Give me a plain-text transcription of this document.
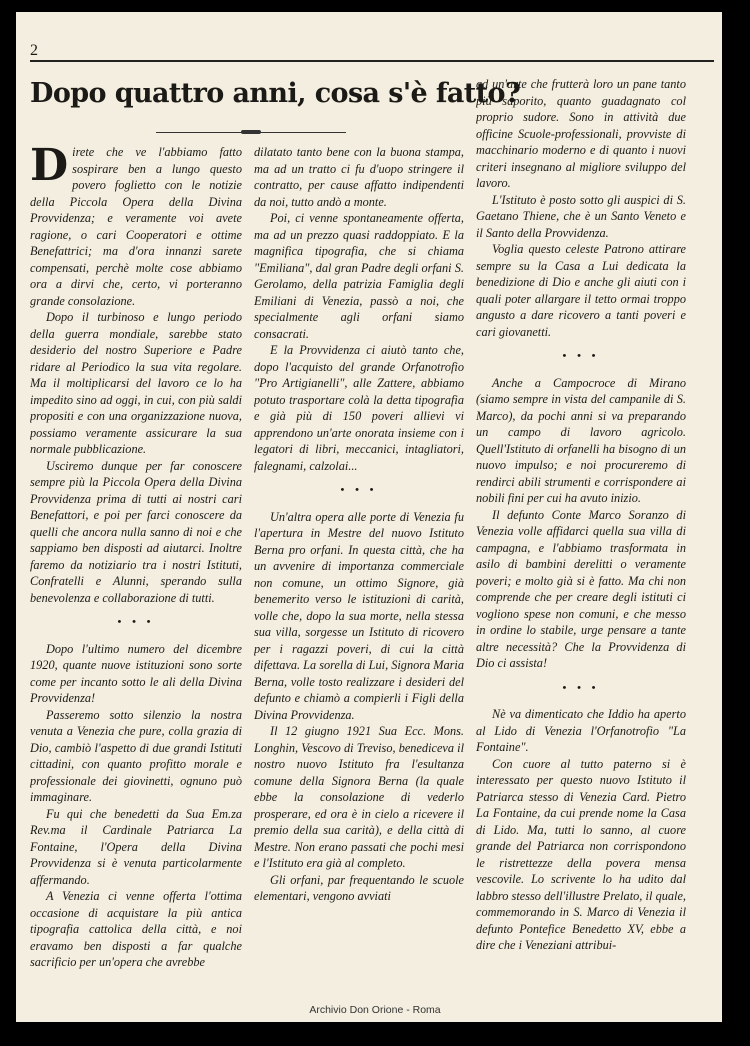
2
Dopo quattro anni, cosa s'è fatto?

Direte che ve l'abbiamo fatto sospirare ben a lungo questo povero foglietto con le notizie della Piccola Opera della Divina Provvidenza; e veramente voi avete ragione, o cari Cooperatori e ottime Benefattrici; ma d'ora innanzi sarete compensati, perchè molte cose abbiamo ora a dirvi che, certo, vi porteranno grande consolazione.

Dopo il turbinoso e lungo periodo della guerra mondiale, sarebbe stato desiderio del nostro Superiore e Padre ridare al Periodico la sua vita regolare. Ma il moltiplicarsi del lavoro ce lo ha impedito sino ad oggi, in cui, con più saldi propositi e con una organizzazione nuova, possiamo veramente assicurare la sua normale pubblicazione.

Usciremo dunque per far conoscere sempre più la Piccola Opera della Divina Provvidenza prima di tutti ai nostri cari Benefattori, e poi per farci conoscere da quelli che ancora nulla sanno di noi e che sappiamo ben disposti ad aiutarci. Inoltre faremo da notiziario tra i nostri Istituti, Confratelli e Alunni, sperando sulla benevolenza e collaborazione di tutti.

• • •

Dopo l'ultimo numero del dicembre 1920, quante nuove istituzioni sono sorte come per incanto sotto le ali della Divina Provvidenza!

Passeremo sotto silenzio la nostra venuta a Venezia che pure, colla grazia di Dio, cambiò l'aspetto di due grandi Istituti cittadini, con quanto profitto morale e professionale dei giovinetti, ognuno può immaginare.

Fu qui che benedetti da Sua Em.za Rev.ma il Cardinale Patriarca La Fontaine, l'Opera della Divina Provvidenza si è venuta particolarmente affermando.

A Venezia ci venne offerta l'ottima occasione di acquistare la più antica tipografia cattolica della città, e noi eravamo ben disposti a far qualche sacrificio per un'opera che avrebbe

dilatato tanto bene con la buona stampa, ma ad un tratto ci fu d'uopo stringere il contratto, per cause affatto indipendenti da noi, tutto andò a monte.

Poi, ci venne spontaneamente offerta, ma ad un prezzo quasi raddoppiato. E la magnifica tipografia, che si chiama "Emiliana", dal gran Padre degli orfani S. Gerolamo, della patrizia Famiglia degli Emiliani di Venezia, passò a noi, che specialmente agli orfani siamo consacrati.

E la Provvidenza ci aiutò tanto che, dopo l'acquisto del grande Orfanotrofio "Pro Artigianelli", alle Zattere, abbiamo potuto trasportare colà la detta tipografia e già più di 150 poveri allievi vi apprendono un'arte onorata insieme con i legatori di libri, meccanici, intagliatori, falegnami, calzolai...

• • •

Un'altra opera alle porte di Venezia fu l'apertura in Mestre del nuovo Istituto Berna pro orfani. In questa città, che ha un avvenire di importanza commerciale non comune, un ottimo Signore, già benemerito verso le istituzioni di carità, volle che, dopo la sua morte, nella stessa sua villa, sorgesse un Istituto di ricovero per i ragazzi poveri, di cui la città difettava. La sorella di Lui, Signora Maria Berna, volle tosto realizzare i desideri del defunto e chiamò a compierli i Figli della Divina Provvidenza.

Il 12 giugno 1921 Sua Ecc. Mons. Longhin, Vescovo di Treviso, benediceva il nostro nuovo Istituto fra l'esultanza comune della Signora Berna (la quale ebbe la consolazione di vederlo prosperare, ed ora è in cielo a ricevere il premio della sua carità), e della città di Mestre. Non erano passati che pochi mesi e l'Istituto era già al completo.

Gli orfani, par frequentando le scuole elementari, vengono avviati

ad un'arte che frutterà loro un pane tanto più saporito, quanto guadagnato col proprio sudore. Sono in attività due officine Scuole-professionali, provviste di macchinario moderno e di quanto i nuovi criteri insegnano al migliore sviluppo del lavoro.

L'Istituto è posto sotto gli auspici di S. Gaetano Thiene, che è un Santo Veneto e il Santo della Provvidenza.

Voglia questo celeste Patrono attirare sempre su la Casa a Lui dedicata la benedizione di Dio e anche gli aiuti con i quali poter allargare il tetto ormai troppo angusto a dare ricovero a tanti poveri e cari giovanetti.

• • •

Anche a Campocroce di Mirano (siamo sempre in vista del campanile di S. Marco), da pochi anni si va preparando un campo di lavoro agricolo. Quell'Istituto di orfanelli ha bisogno di un nuovo impulso; e noi procureremo di rendirci abili strumenti e corrispondere ai nobili fini per cui ha avuto inizio.

Il defunto Conte Marco Soranzo di Venezia volle affidarci quella sua villa di campagna, e l'abbiamo trasformata in asilo di bambini derelitti o veramente poveri; e molto già si è fatto. Ma chi non comprende che per creare degli istituti ci vogliono spese non comuni, e che messo in ordine lo stabile, urge pensare a tante altre necessità? Che la Provvidenza di Dio ci assista!

• • •

Nè va dimenticato che Iddio ha aperto al Lido di Venezia l'Orfanotrofio "La Fontaine".

Con cuore al tutto paterno si è interessato per questo nuovo Istituto il Patriarca stesso di Venezia Card. Pietro La Fontaine, da cui prende nome la Casa di Lido. Ma, tutti lo sanno, al cuore grande del Patriarca non corrispondono le ristrettezze della povera mensa vescovile. Lo scrivente lo ha udito dal labbro stesso dell'illustre Prelato, il quale, commemorando in S. Marco di Venezia il defunto Pontefice Benedetto XV, ebbe a dire che i Veneziani attribui-

Archivio Don Orione - Roma
